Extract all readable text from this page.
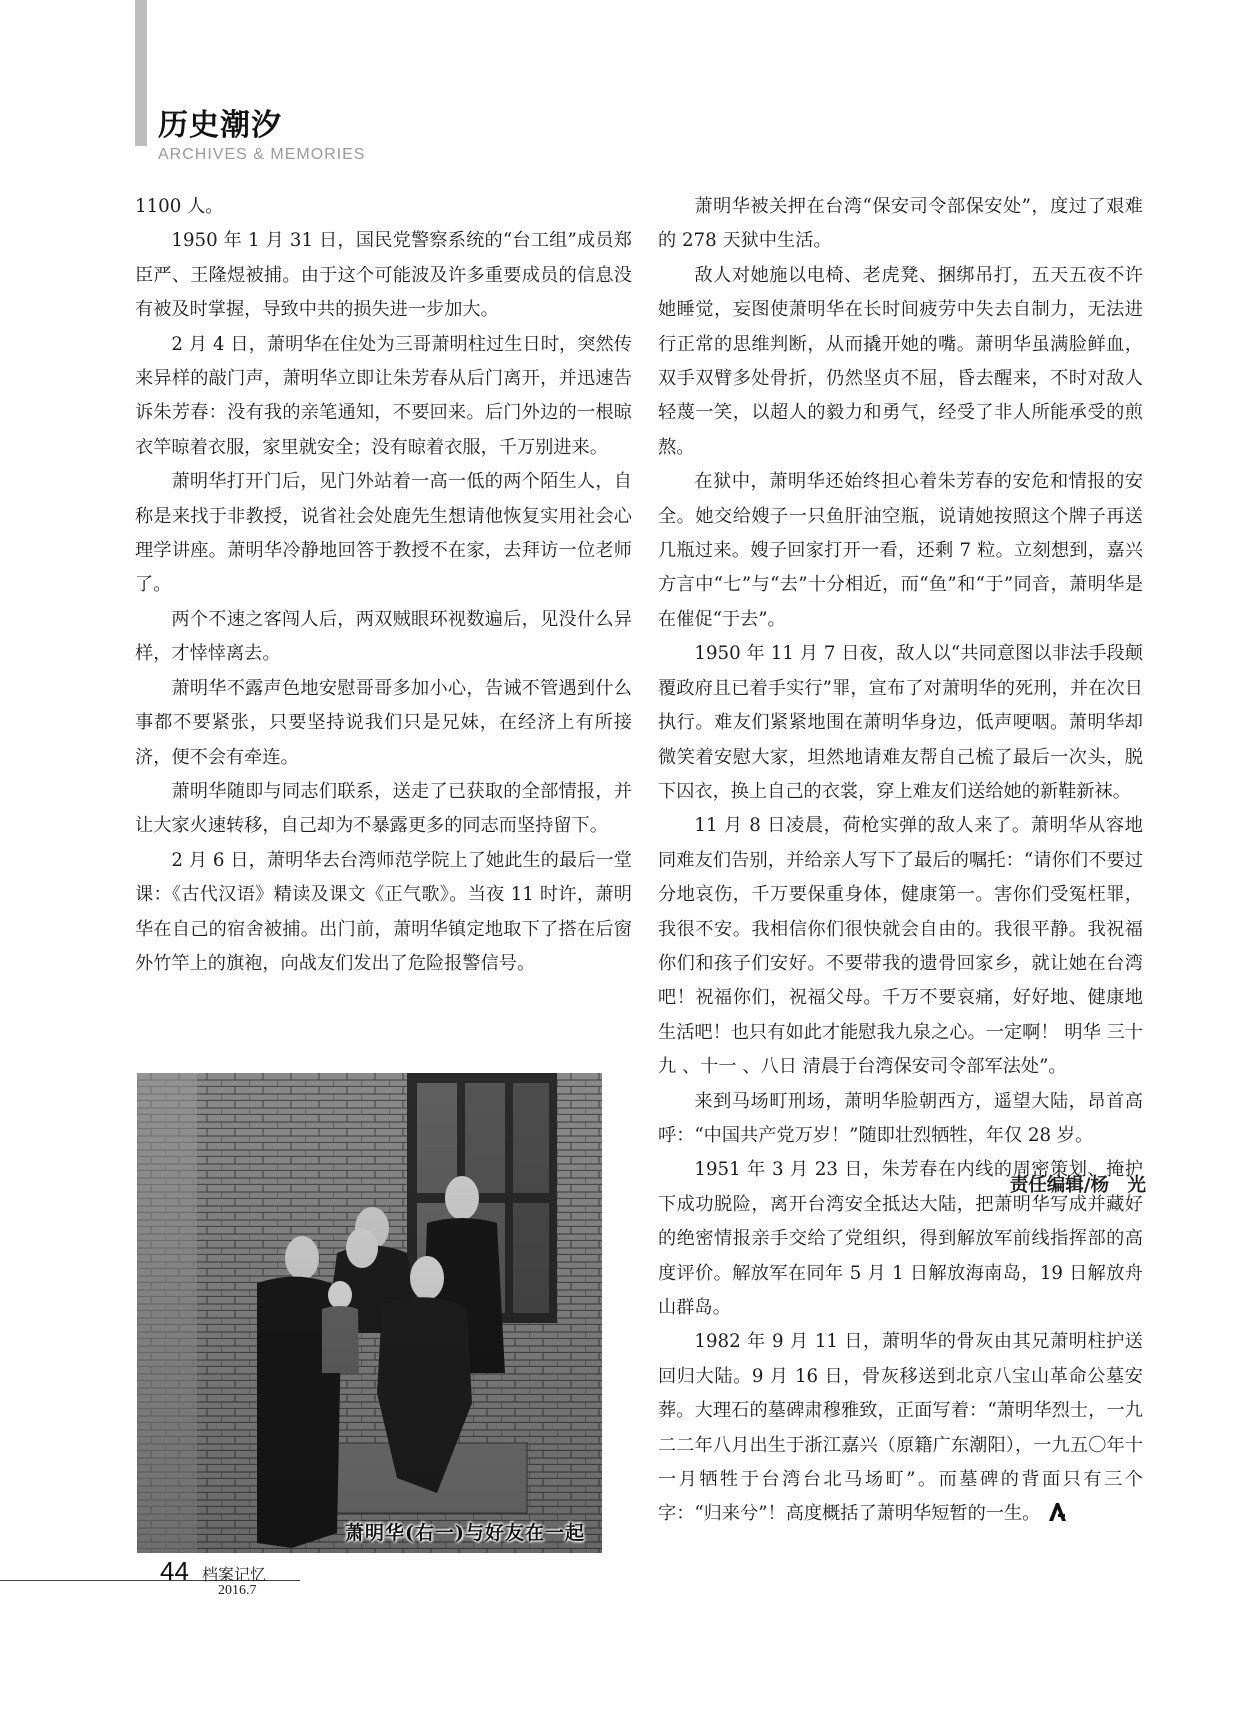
历史潮汐
ARCHIVES & MEMORIES

1100 人。

1950 年 1 月 31 日，国民党警察系统的“台工组”成员郑臣严、王隆煜被捕。由于这个可能波及许多重要成员的信息没有被及时掌握，导致中共的损失进一步加大。

2 月 4 日，萧明华在住处为三哥萧明柱过生日时，突然传来异样的敲门声，萧明华立即让朱芳春从后门离开，并迅速告诉朱芳春：没有我的亲笔通知，不要回来。后门外边的一根晾衣竿晾着衣服，家里就安全；没有晾着衣服，千万别进来。

萧明华打开门后，见门外站着一高一低的两个陌生人，自称是来找于非教授，说省社会处鹿先生想请他恢复实用社会心理学讲座。萧明华冷静地回答于教授不在家，去拜访一位老师了。

两个不速之客闯人后，两双贼眼环视数遍后，见没什么异样，才悻悻离去。

萧明华不露声色地安慰哥哥多加小心，告诫不管遇到什么事都不要紧张，只要坚持说我们只是兄妹，在经济上有所接济，便不会有牵连。

萧明华随即与同志们联系，送走了已获取的全部情报，并让大家火速转移，自己却为不暴露更多的同志而坚持留下。

2 月 6 日，萧明华去台湾师范学院上了她此生的最后一堂课：《古代汉语》精读及课文《正气歌》。当夜 11 时许，萧明华在自己的宿舍被捕。出门前，萧明华镇定地取下了搭在后窗外竹竿上的旗袍，向战友们发出了危险报警信号。

萧明华(右一)与好友在一起

萧明华被关押在台湾“保安司令部保安处”，度过了艰难的 278 天狱中生活。

敌人对她施以电椅、老虎凳、捆绑吊打，五天五夜不许她睡觉，妄图使萧明华在长时间疲劳中失去自制力，无法进行正常的思维判断，从而撬开她的嘴。萧明华虽满脸鲜血，双手双臂多处骨折，仍然坚贞不屈，昏去醒来，不时对敌人轻蔑一笑，以超人的毅力和勇气，经受了非人所能承受的煎熬。

在狱中，萧明华还始终担心着朱芳春的安危和情报的安全。她交给嫂子一只鱼肝油空瓶，说请她按照这个牌子再送几瓶过来。嫂子回家打开一看，还剩 7 粒。立刻想到，嘉兴方言中“七”与“去”十分相近，而“鱼”和“于”同音，萧明华是在催促“于去”。

1950 年 11 月 7 日夜，敌人以“共同意图以非法手段颠覆政府且已着手实行”罪，宣布了对萧明华的死刑，并在次日执行。难友们紧紧地围在萧明华身边，低声哽咽。萧明华却微笑着安慰大家，坦然地请难友帮自己梳了最后一次头，脱下囚衣，换上自己的衣裳，穿上难友们送给她的新鞋新袜。

11 月 8 日凌晨，荷枪实弹的敌人来了。萧明华从容地同难友们告别，并给亲人写下了最后的嘱托：“请你们不要过分地哀伤，千万要保重身体，健康第一。害你们受冤枉罪，我很不安。我相信你们很快就会自由的。我很平静。我祝福你们和孩子们安好。不要带我的遗骨回家乡，就让她在台湾吧！祝福你们，祝福父母。千万不要哀痛，好好地、健康地生活吧！也只有如此才能慰我九泉之心。一定啊！ 明华 三十九 、十一 、八日 清晨于台湾保安司令部军法处”。

来到马场町刑场，萧明华脸朝西方，遥望大陆，昂首高呼：“中国共产党万岁！”随即壮烈牺牲，年仅 28 岁。

1951 年 3 月 23 日，朱芳春在内线的周密策划、掩护下成功脱险，离开台湾安全抵达大陆，把萧明华写成并藏好的绝密情报亲手交给了党组织，得到解放军前线指挥部的高度评价。解放军在同年 5 月 1 日解放海南岛，19 日解放舟山群岛。

1982 年 9 月 11 日，萧明华的骨灰由其兄萧明柱护送回归大陆。9 月 16 日，骨灰移送到北京八宝山革命公墓安葬。大理石的墓碑肃穆雅致，正面写着：“萧明华烈士，一九二二年八月出生于浙江嘉兴（原籍广东潮阳），一九五〇年十一月牺牲于台湾台北马场町”。而墓碑的背面只有三个字：“归来兮”！高度概括了萧明华短暂的一生。

责任编辑/杨　光
44 档案记忆
2016.7
